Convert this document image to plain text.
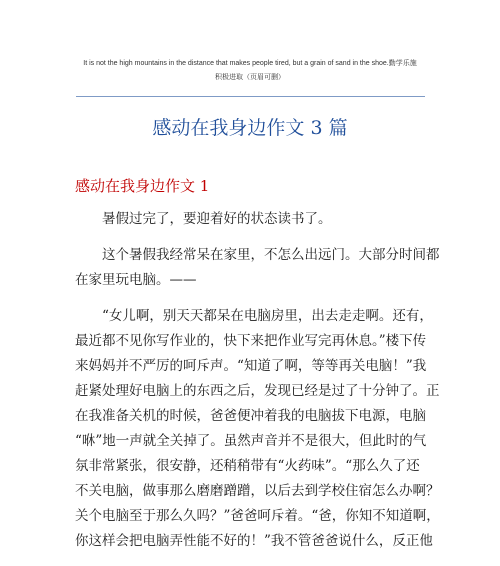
It is not the high mountains in the distance that makes people tired, but a grain of sand in the shoe.勤学乐施
积极进取（页眉可删）
感动在我身边作文 3 篇
感动在我身边作文 1
暑假过完了，要迎着好的状态读书了。
这个暑假我经常呆在家里，不怎么出远门。大部分时间都
在家里玩电脑。——
“女儿啊，别天天都呆在电脑房里，出去走走啊。还有，
最近都不见你写作业的，快下来把作业写完再休息。”楼下传
来妈妈并不严厉的呵斥声。“知道了啊，等等再关电脑！”我
赶紧处理好电脑上的东西之后，发现已经是过了十分钟了。正
在我准备关机的时候，爸爸便冲着我的电脑拔下电源，电脑
“咻”地一声就全关掉了。虽然声音并不是很大，但此时的气
氛非常紧张，很安静，还稍稍带有“火药味”。“那么久了还
不关电脑，做事那么磨磨蹭蹭，以后去到学校住宿怎么办啊？
关个电脑至于那么久吗？”爸爸呵斥着。“爸，你知不知道啊，
你这样会把电脑弄性能不好的！”我不管爸爸说什么，反正他
